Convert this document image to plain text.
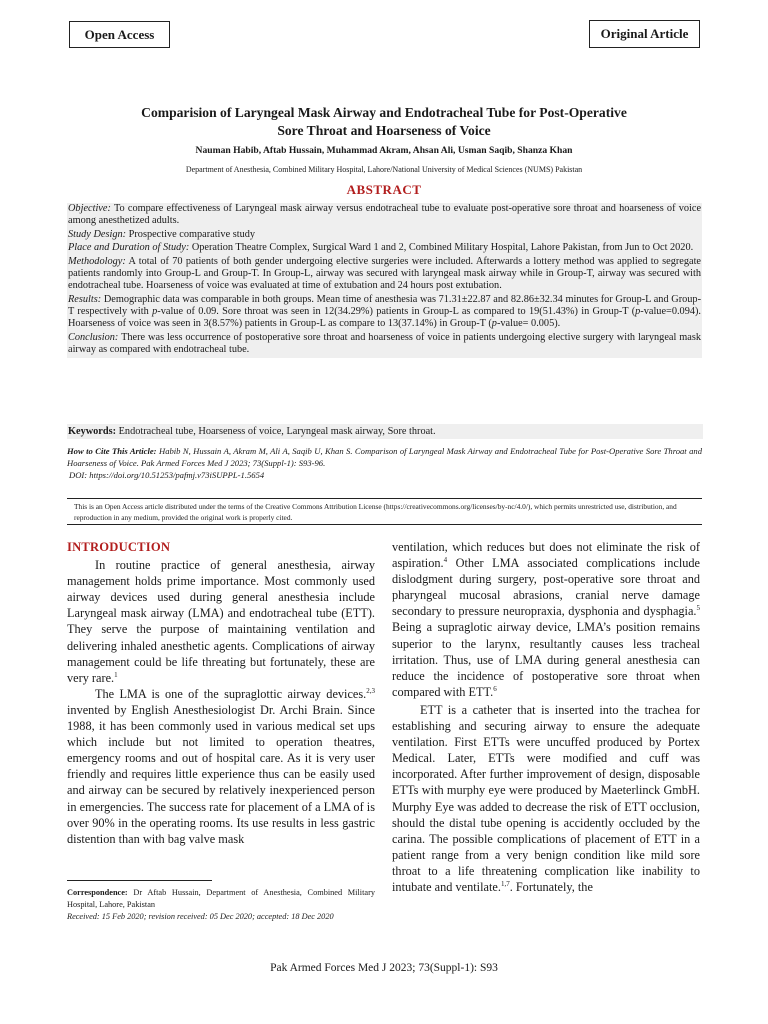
Open Access	Original Article
Comparision of Laryngeal Mask Airway and Endotracheal Tube for Post-Operative
Sore Throat and Hoarseness of Voice
Nauman Habib, Aftab Hussain, Muhammad Akram, Ahsan Ali, Usman Saqib, Shanza Khan
Department of Anesthesia, Combined Military Hospital, Lahore/National University of Medical Sciences (NUMS) Pakistan
ABSTRACT

Objective: To compare effectiveness of Laryngeal mask airway versus endotracheal tube to evaluate post-operative sore throat and hoarseness of voice among anesthetized adults.

Study Design: Prospective comparative study

Place and Duration of Study: Operation Theatre Complex, Surgical Ward 1 and 2, Combined Military Hospital, Lahore Pakistan, from Jun to Oct 2020.

Methodology: A total of 70 patients of both gender undergoing elective surgeries were included. Afterwards a lottery method was applied to segregate patients randomly into Group-L and Group-T. In Group-L, airway was secured with laryngeal mask airway while in Group-T, airway was secured with endotracheal tube. Hoarseness of voice was evaluated at time of extubation and 24 hours post extubation.

Results: Demographic data was comparable in both groups. Mean time of anesthesia was 71.31±22.87 and 82.86±32.34 minutes for Group-L and Group-T respectively with p-value of 0.09. Sore throat was seen in 12(34.29%) patients in Group-L as compared to 19(51.43%) in Group-T (p-value=0.094). Hoarseness of voice was seen in 3(8.57%) patients in Group-L as compare to 13(37.14%) in Group-T (p-value= 0.005).

Conclusion: There was less occurrence of postoperative sore throat and hoarseness of voice in patients undergoing elective surgery with laryngeal mask airway as compared with endotracheal tube.

Keywords: Endotracheal tube, Hoarseness of voice, Laryngeal mask airway, Sore throat.
How to Cite This Article: Habib N, Hussain A, Akram M, Ali A, Saqib U, Khan S. Comparison of Laryngeal Mask Airway and Endotracheal Tube for Post-Operative Sore Throat and Hoarseness of Voice. Pak Armed Forces Med J 2023; 73(Suppl-1): S93-96.
DOI: https://doi.org/10.51253/pafmj.v73iSUPPL-1.5654
This is an Open Access article distributed under the terms of the Creative Commons Attribution License (https://creativecommons.org/licenses/by-nc/4.0/), which permits unrestricted use, distribution, and reproduction in any medium, provided the original work is properly cited.
INTRODUCTION

In routine practice of general anesthesia, airway management holds prime importance. Most commonly used airway devices used during general anesthesia include Laryngeal mask airway (LMA) and endotracheal tube (ETT). They serve the purpose of maintaining ventilation and delivering inhaled anesthetic agents. Complications of airway management could be life threating but fortunately, these are very rare.$^1$

The LMA is one of the supraglottic airway devices.$^{2,3}$ invented by English Anesthesiologist Dr. Archi Brain. Since 1988, it has been commonly used in various medical set ups which include but not limited to operation theatres, emergency rooms and out of hospital care. As it is very user friendly and requires little experience thus can be easily used and airway can be secured by relatively inexperienced person in emergencies. The success rate for placement of a LMA of is over 90% in the operating rooms. Its use results in less gastric distention than with bag valve mask

ventilation, which reduces but does not eliminate the risk of aspiration.$^4$ Other LMA associated complications include dislodgment during surgery, post-operative sore throat and pharyngeal mucosal abrasions, cranial nerve damage secondary to pressure neuropraxia, dysphonia and dysphagia.$^5$ Being a supraglotic airway device, LMA’s position remains superior to the larynx, resultantly causes less tracheal irritation. Thus, use of LMA during general anesthesia can reduce the incidence of postoperative sore throat when compared with ETT.$^6$

ETT is a catheter that is inserted into the trachea for establishing and securing airway to ensure the adequate ventilation. First ETTs were uncuffed produced by Portex Medical. Later, ETTs were modified and cuff was incorporated. After further improvement of design, disposable ETTs with murphy eye were produced by Maeterlinck GmbH. Murphy Eye was added to decrease the risk of ETT occlusion, should the distal tube opening is accidently occluded by the carina. The possible complications of placement of ETT in a patient range from a very benign condition like mild sore throat to a life threatening complication like inability to intubate and ventilate.$^{1,7}$. Fortunately, the

Correspondence: Dr Aftab Hussain, Department of Anesthesia, Combined Military Hospital, Lahore, Pakistan
Received: 15 Feb 2020; revision received: 05 Dec 2020; accepted: 18 Dec 2020
Pak Armed Forces Med J 2023; 73(Suppl-1): S93
